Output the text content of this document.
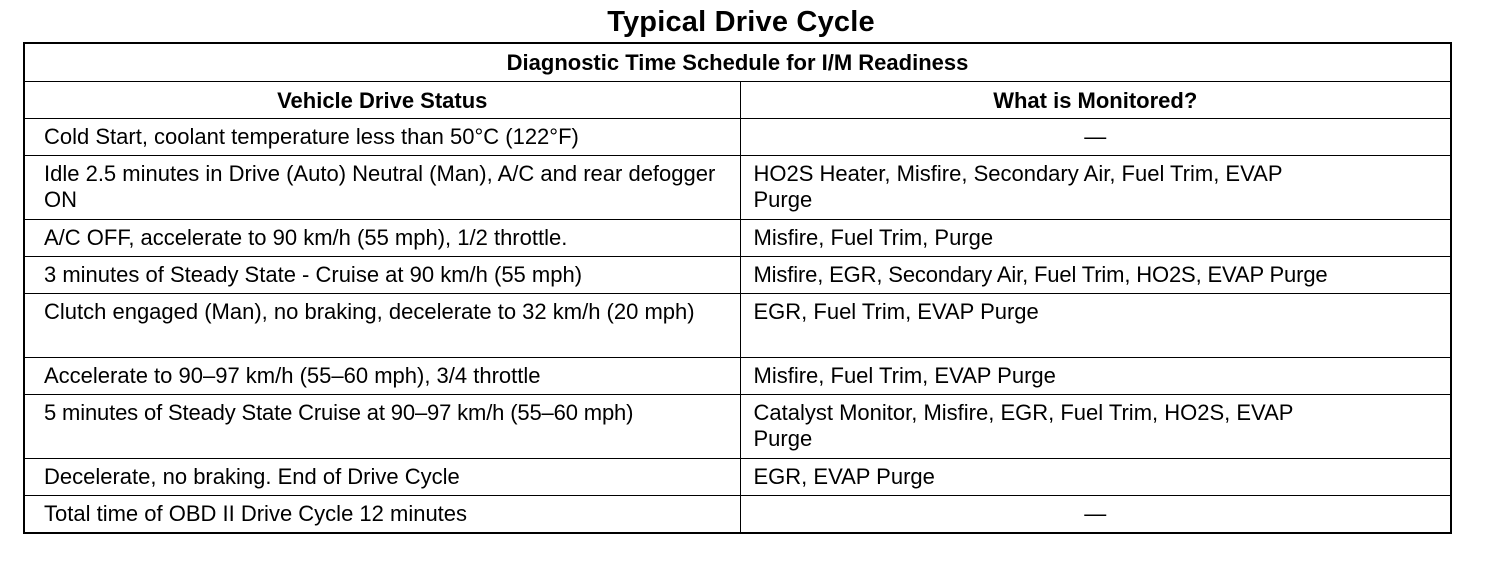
Typical Drive Cycle
Diagnostic Time Schedule for I/M Readiness	
Vehicle Drive Status	What is Monitored?
Cold Start, coolant temperature less than 50°C (122°F)	—
Idle 2.5 minutes in Drive (Auto) Neutral (Man), A/C and rear defogger ON	HO2S Heater, Misfire, Secondary Air, Fuel Trim, EVAP Purge
A/C OFF, accelerate to 90 km/h (55 mph), 1/2 throttle.	Misfire, Fuel Trim, Purge
3 minutes of Steady State - Cruise at 90 km/h (55 mph)	Misfire, EGR, Secondary Air, Fuel Trim, HO2S, EVAP Purge
Clutch engaged (Man), no braking, decelerate to 32 km/h (20 mph)	EGR, Fuel Trim, EVAP Purge
Accelerate to 90–97 km/h (55–60 mph), 3/4 throttle	Misfire, Fuel Trim, EVAP Purge
5 minutes of Steady State Cruise at 90–97 km/h (55–60 mph)	Catalyst Monitor, Misfire, EGR, Fuel Trim, HO2S, EVAP Purge
Decelerate, no braking. End of Drive Cycle	EGR, EVAP Purge
Total time of OBD II Drive Cycle 12 minutes	—
